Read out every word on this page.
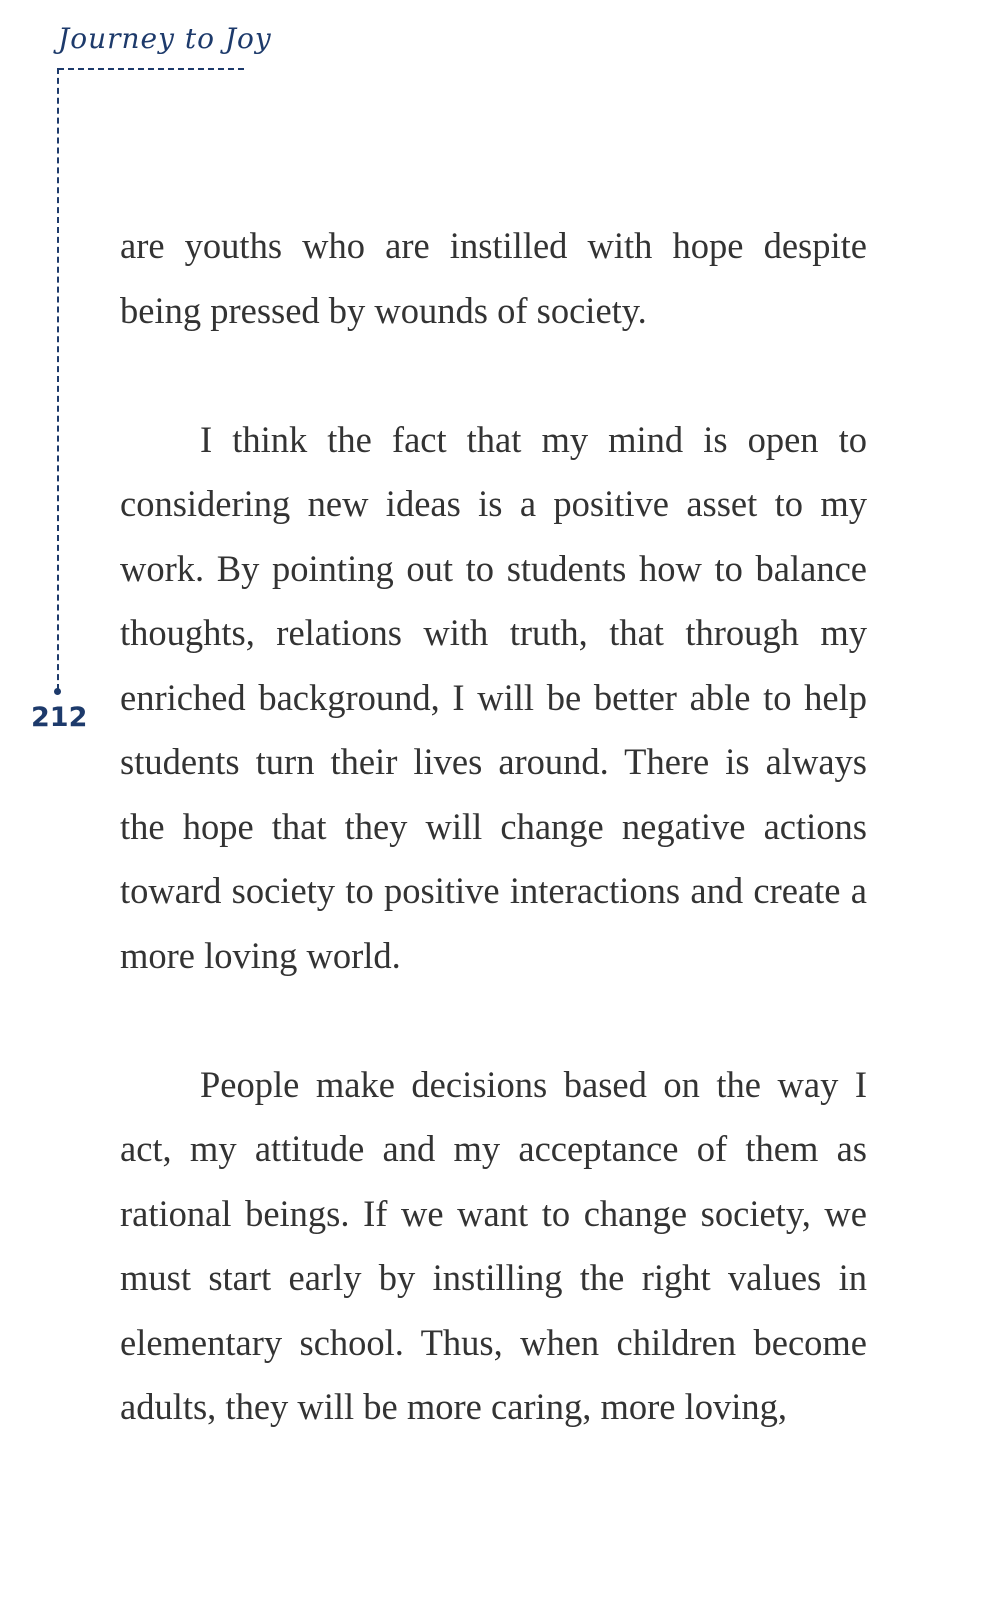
Journey to Joy
212

are youths who are instilled with hope despite being pressed by wounds of society.

I think the fact that my mind is open to considering new ideas is a positive asset to my work. By pointing out to students how to balance thoughts, relations with truth, that through my enriched background, I will be better able to help students turn their lives around. There is always the hope that they will change negative actions toward society to positive interactions and create a more loving world.

People make decisions based on the way I act, my attitude and my acceptance of them as rational beings. If we want to change society, we must start early by instilling the right values in elementary school. Thus, when children become adults, they will be more caring, more loving,
